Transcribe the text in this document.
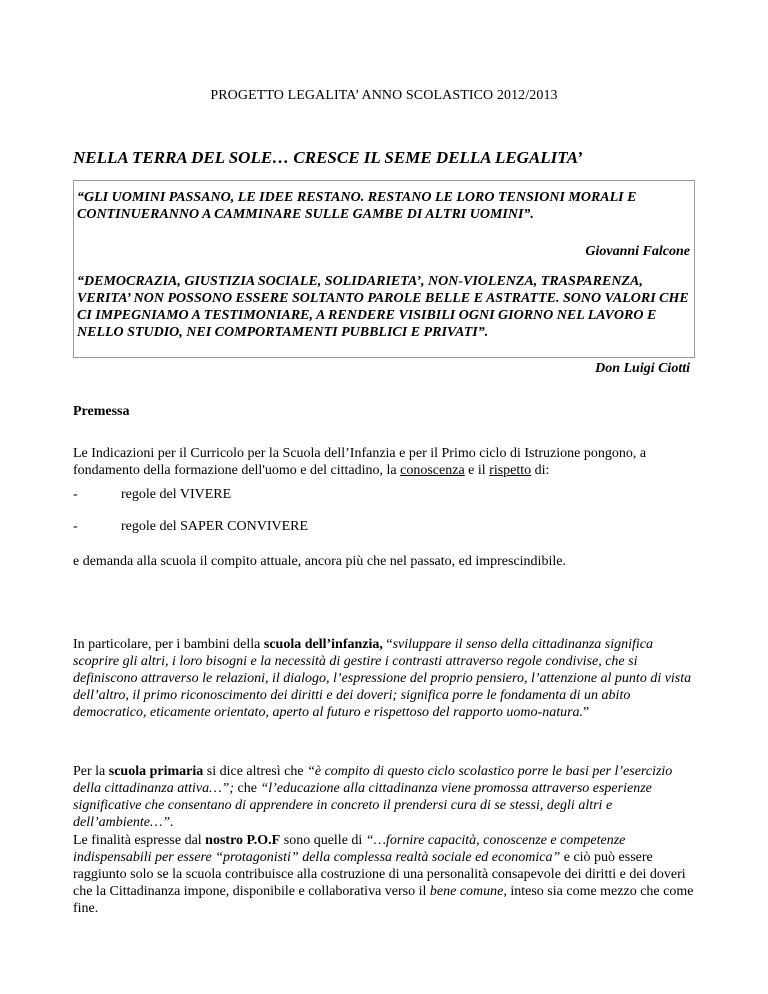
PROGETTO LEGALITA’ ANNO SCOLASTICO 2012/2013
NELLA TERRA DEL SOLE… CRESCE IL SEME DELLA LEGALITA’
“GLI UOMINI PASSANO, LE IDEE RESTANO. RESTANO LE LORO TENSIONI MORALI E CONTINUERANNO A CAMMINARE SULLE GAMBE DI ALTRI UOMINI”.
Giovanni Falcone
“DEMOCRAZIA, GIUSTIZIA SOCIALE, SOLIDARIETA’, NON-VIOLENZA, TRASPARENZA, VERITA’ NON POSSONO ESSERE SOLTANTO PAROLE BELLE E ASTRATTE. SONO VALORI CHE CI IMPEGNIAMO A TESTIMONIARE, A RENDERE VISIBILI OGNI GIORNO NEL LAVORO E NELLO STUDIO, NEI COMPORTAMENTI PUBBLICI E PRIVATI”.
Don Luigi Ciotti
Premessa
Le Indicazioni per il Curricolo per la Scuola dell’Infanzia e per il Primo ciclo di Istruzione pongono, a fondamento della formazione dell'uomo e del cittadino, la conoscenza e il rispetto di:
-	regole del VIVERE
-	regole del SAPER CONVIVERE
e demanda alla scuola il compito attuale, ancora più che nel passato, ed imprescindibile.
In particolare, per i bambini della scuola dell’infanzia, “sviluppare il senso della cittadinanza significa scoprire gli altri, i loro bisogni e la necessità di gestire i contrasti attraverso regole condivise, che si definiscono attraverso le relazioni, il dialogo, l’espressione del proprio pensiero, l’attenzione al punto di vista dell’altro, il primo riconoscimento dei diritti e dei doveri; significa porre le fondamenta di un abito democratico, eticamente orientato, aperto al futuro e rispettoso del rapporto uomo-natura.”
Per la scuola primaria si dice altresì che “è compito di questo ciclo scolastico porre le basi per l’esercizio della cittadinanza attiva…”; che “l’educazione alla cittadinanza viene promossa attraverso esperienze significative che consentano di apprendere in concreto il prendersi cura di se stessi, degli altri e dell’ambiente…”.
Le finalità espresse dal nostro P.O.F sono quelle di “…fornire capacità, conoscenze e competenze indispensabili per essere “protagonisti” della complessa realtà sociale ed economica” e ciò può essere raggiunto solo se la scuola contribuisce alla costruzione di una personalità consapevole dei diritti e dei doveri che la Cittadinanza impone, disponibile e collaborativa verso il bene comune, inteso sia come mezzo che come fine.
